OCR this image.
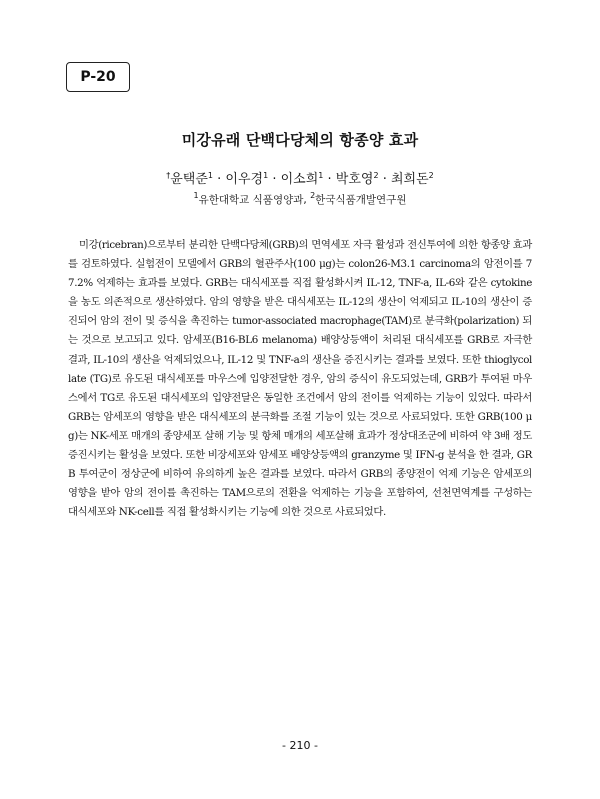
P-20
미강유래 단백다당체의 항종양 효과
†윤택준$^1$ · 이우경$^1$ · 이소희$^1$ · 박호영$^2$ · 최희돈$^2$
$^1$유한대학교 식품영양과, $^2$한국식품개발연구원

미강(ricebran)으로부터 분리한 단백다당체(GRB)의 면역세포 자극 활성과 전신투여에 의한 항종양 효과를 검토하였다. 실험전이 모델에서 GRB의 혈관주사(100 μg)는 colon26-M3.1 carcinoma의 암전이를 77.2% 억제하는 효과를 보였다. GRB는 대식세포를 직접 활성화시켜 IL-12, TNF-a, IL-6와 같은 cytokine을 농도 의존적으로 생산하였다. 암의 영향을 받은 대식세포는 IL-12의 생산이 억제되고 IL-10의 생산이 증진되어 암의 전이 및 증식을 촉진하는 tumor-associated macrophage(TAM)로 분극화(polarization) 되는 것으로 보고되고 있다. 암세포(B16-BL6 melanoma) 배양상등액이 처리된 대식세포를 GRB로 자극한 결과, IL-10의 생산을 억제되었으나, IL-12 및 TNF-a의 생산을 증진시키는 결과를 보였다. 또한 thioglycollate (TG)로 유도된 대식세포를 마우스에 입양전달한 경우, 암의 증식이 유도되었는데, GRB가 투여된 마우스에서 TG로 유도된 대식세포의 입양전달은 동일한 조건에서 암의 전이를 억제하는 기능이 있었다. 따라서 GRB는 암세포의 영향을 받은 대식세포의 분극화를 조절 기능이 있는 것으로 사료되었다. 또한 GRB(100 μg)는 NK-세포 매개의 종양세포 살해 기능 및 항체 매개의 세포살해 효과가 정상대조군에 비하여 약 3배 정도 증진시키는 활성을 보였다. 또한 비장세포와 암세포 배양상등액의 granzyme 및 IFN-g 분석을 한 결과, GRB 투여군이 정상군에 비하여 유의하게 높은 결과를 보였다. 따라서 GRB의 종양전이 억제 기능은 암세포의 영향을 받아 암의 전이를 촉진하는 TAM으로의 전환을 억제하는 기능을 포함하여, 선천면역계를 구성하는 대식세포와 NK-cell를 직접 활성화시키는 기능에 의한 것으로 사료되었다.

- 210 -
